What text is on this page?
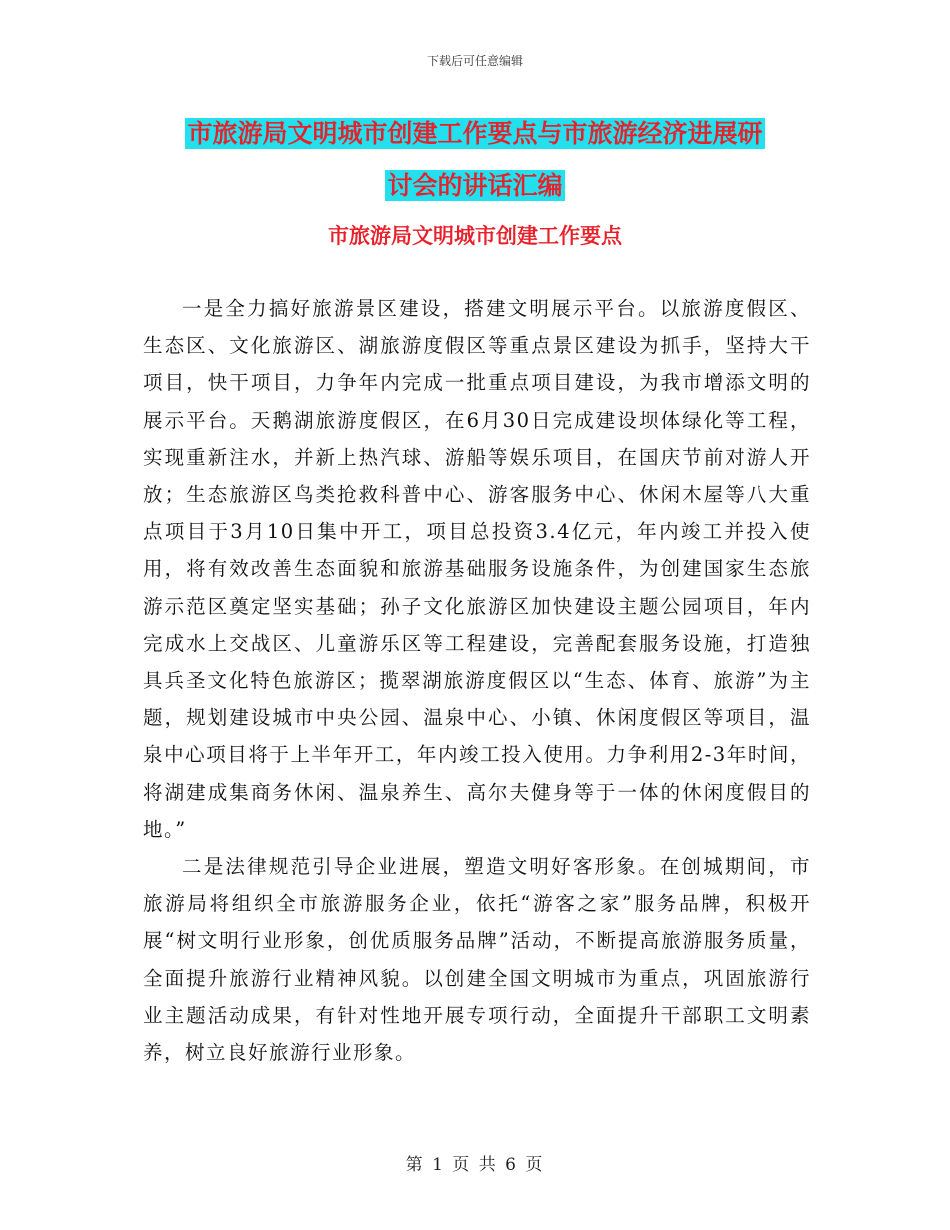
下载后可任意编辑
市旅游局文明城市创建工作要点与市旅游经济进展研
讨会的讲话汇编
市旅游局文明城市创建工作要点

一是全力搞好旅游景区建设，搭建文明展示平台。以旅游度假区、生态区、文化旅游区、湖旅游度假区等重点景区建设为抓手，坚持大干项目，快干项目，力争年内完成一批重点项目建设，为我市增添文明的展示平台。天鹅湖旅游度假区，在6月30日完成建设坝体绿化等工程，实现重新注水，并新上热汽球、游船等娱乐项目，在国庆节前对游人开放；生态旅游区鸟类抢救科普中心、游客服务中心、休闲木屋等八大重点项目于3月10日集中开工，项目总投资3.4亿元，年内竣工并投入使用，将有效改善生态面貌和旅游基础服务设施条件，为创建国家生态旅游示范区奠定坚实基础；孙子文化旅游区加快建设主题公园项目，年内完成水上交战区、儿童游乐区等工程建设，完善配套服务设施，打造独具兵圣文化特色旅游区；揽翠湖旅游度假区以“生态、体育、旅游”为主题，规划建设城市中央公园、温泉中心、小镇、休闲度假区等项目，温泉中心项目将于上半年开工，年内竣工投入使用。力争利用2-3年时间，将湖建成集商务休闲、温泉养生、高尔夫健身等于一体的休闲度假目的地。”

二是法律规范引导企业进展，塑造文明好客形象。在创城期间，市旅游局将组织全市旅游服务企业，依托“游客之家”服务品牌，积极开展“树文明行业形象，创优质服务品牌”活动，不断提高旅游服务质量，全面提升旅游行业精神风貌。以创建全国文明城市为重点，巩固旅游行业主题活动成果，有针对性地开展专项行动，全面提升干部职工文明素养，树立良好旅游行业形象。

第 1 页 共 6 页
